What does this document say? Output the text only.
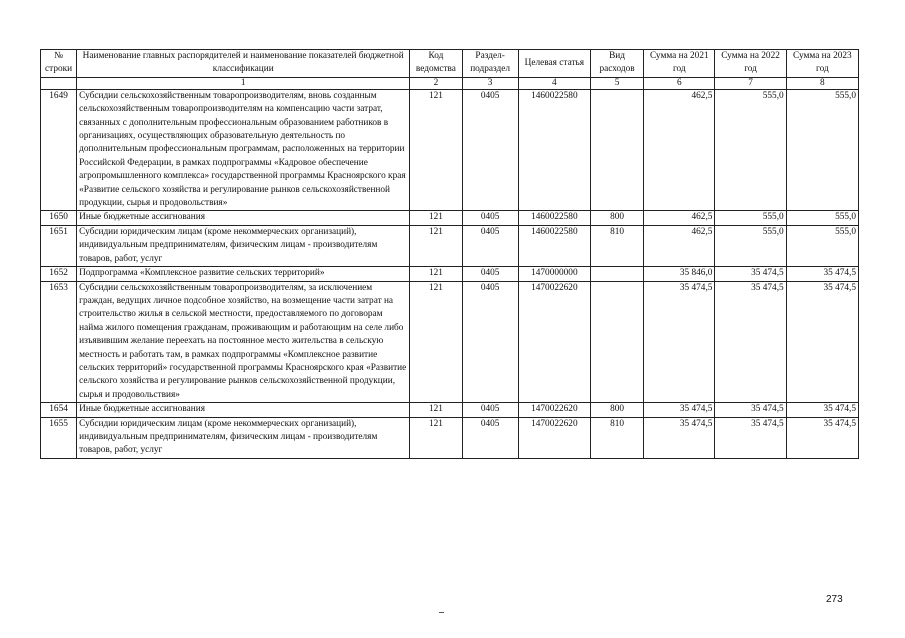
№ строки	Наименование главных распорядителей и наименование показателей бюджетной классификации	Код ведомства	Раздел-подраздел	Целевая статья	Вид расходов	Сумма на 2021 год	Сумма на 2022 год	Сумма на 2023 год
	1	2	3	4	5	6	7	8
1649	Субсидии сельскохозяйственным товаропроизводителям, вновь созданным сельскохозяйственным товаропроизводителям на компенсацию части затрат, связанных с дополнительным профессиональным образованием работников в организациях, осуществляющих образовательную деятельность по дополнительным профессиональным программам, расположенных на территории Российской Федерации, в рамках подпрограммы «Кадровое обеспечение агропромышленного комплекса» государственной программы Красноярского края «Развитие сельского хозяйства и регулирование рынков сельскохозяйственной продукции, сырья и продовольствия»	121	0405	1460022580		462,5	555,0	555,0
1650	Иные бюджетные ассигнования	121	0405	1460022580	800	462,5	555,0	555,0
1651	Субсидии юридическим лицам (кроме некоммерческих организаций), индивидуальным предпринимателям, физическим лицам - производителям товаров, работ, услуг	121	0405	1460022580	810	462,5	555,0	555,0
1652	Подпрограмма «Комплексное развитие сельских территорий»	121	0405	1470000000		35 846,0	35 474,5	35 474,5
1653	Субсидии сельскохозяйственным товаропроизводителям, за исключением граждан, ведущих личное подсобное хозяйство, на возмещение части затрат на строительство жилья в сельской местности, предоставляемого по договорам найма жилого помещения гражданам, проживающим и работающим на селе либо изъявившим желание переехать на постоянное место жительства в сельскую местность и работать там, в рамках подпрограммы «Комплексное развитие сельских территорий» государственной программы Красноярского края «Развитие сельского хозяйства и регулирование рынков сельскохозяйственной продукции, сырья и продовольствия»	121	0405	1470022620		35 474,5	35 474,5	35 474,5
1654	Иные бюджетные ассигнования	121	0405	1470022620	800	35 474,5	35 474,5	35 474,5
1655	Субсидии юридическим лицам (кроме некоммерческих организаций), индивидуальным предпринимателям, физическим лицам - производителям товаров, работ, услуг	121	0405	1470022620	810	35 474,5	35 474,5	35 474,5
273
